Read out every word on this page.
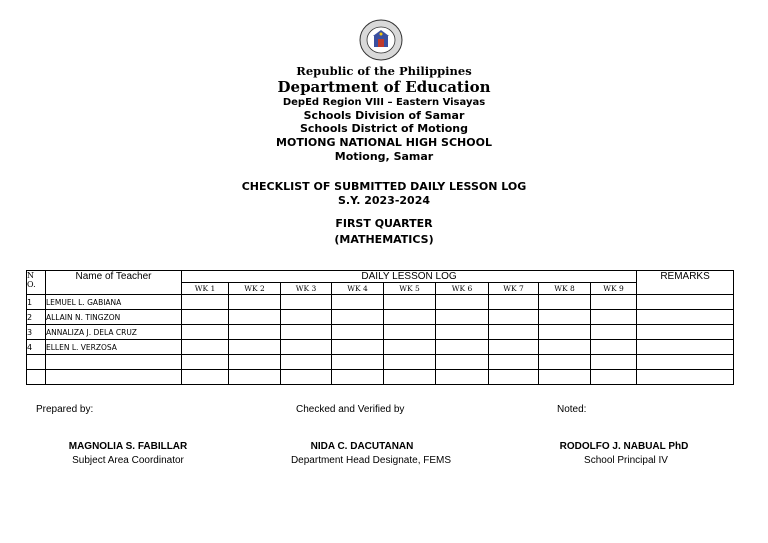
Republic of the Philippines
Department of Education
DepEd Region VIII – Eastern Visayas
Schools Division of Samar
Schools District of Motiong
MOTIONG NATIONAL HIGH SCHOOL
Motiong, Samar
CHECKLIST OF SUBMITTED DAILY LESSON LOG
S.Y. 2023-2024
FIRST QUARTER
(MATHEMATICS)
N
O.	Name of Teacher	DAILY LESSON LOG									REMARKS
		WK 1	WK 2	WK 3	WK 4	WK 5	WK 6	WK 7	WK 8	WK 9	
1	LEMUEL L. GABIANA										
2	ALLAIN N. TINGZON										
3	ANNALIZA J. DELA CRUZ										
4	ELLEN L. VERZOSA										

Prepared by:	Checked and Verified by	Noted:
MAGNOLIA S. FABILLAR
Subject Area Coordinator
NIDA C. DACUTANAN
Department Head Designate, FEMS
RODOLFO J. NABUAL PhD
School Principal IV
